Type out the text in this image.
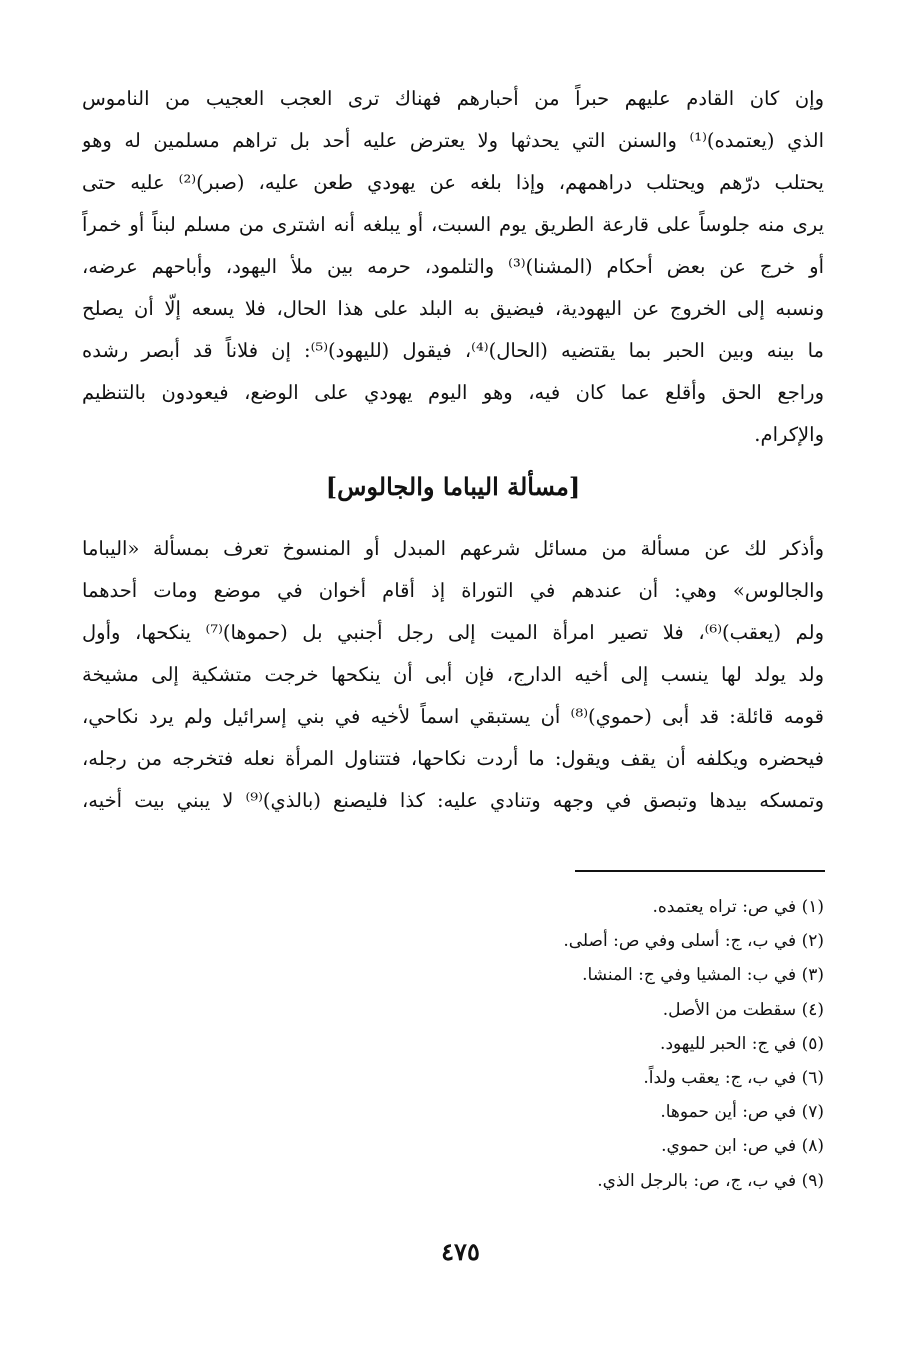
وإن كان القادم عليهم حبراً من أحبارهم فهناك ترى العجب العجيب من الناموس
الذي (يعتمده)⁽¹⁾ والسنن التي يحدثها ولا يعترض عليه أحد بل تراهم مسلمين له وهو
يحتلب درّهم ويحتلب دراهمهم، وإذا بلغه عن يهودي طعن عليه، (صبر)⁽²⁾ عليه حتى
يرى منه جلوساً على قارعة الطريق يوم السبت، أو يبلغه أنه اشترى من مسلم لبناً أو خمراً
أو خرج عن بعض أحكام (المشنا)⁽³⁾ والتلمود، حرمه بين ملأ اليهود، وأباحهم عرضه،
ونسبه إلى الخروج عن اليهودية، فيضيق به البلد على هذا الحال، فلا يسعه إلّا أن يصلح
ما بينه وبين الحبر بما يقتضيه (الحال)⁽⁴⁾، فيقول (لليهود)⁽⁵⁾: إن فلاناً قد أبصر رشده
وراجع الحق وأقلع عما كان فيه، وهو اليوم يهودي على الوضع، فيعودون بالتنظيم
والإكرام.
[مسألة اليباما والجالوس]
وأذكر لك عن مسألة من مسائل شرعهم المبدل أو المنسوخ تعرف بمسألة «اليباما
والجالوس» وهي: أن عندهم في التوراة إذ أقام أخوان في موضع ومات أحدهما
ولم (يعقب)⁽⁶⁾، فلا تصير امرأة الميت إلى رجل أجنبي بل (حموها)⁽⁷⁾ ينكحها، وأول
ولد يولد لها ينسب إلى أخيه الدارج، فإن أبى أن ينكحها خرجت متشكية إلى مشيخة
قومه قائلة: قد أبى (حموي)⁽⁸⁾ أن يستبقي اسماً لأخيه في بني إسرائيل ولم يرد نكاحي،
فيحضره ويكلفه أن يقف ويقول: ما أردت نكاحها، فتتناول المرأة نعله فتخرجه من رجله،
وتمسكه بيدها وتبصق في وجهه وتنادي عليه: كذا فليصنع (بالذي)⁽⁹⁾ لا يبني بيت أخيه،
(١) في ص: تراه يعتمده.
(٢) في ب، ج: أسلى وفي ص: أصلى.
(٣) في ب: المشيا وفي ج: المنشا.
(٤) سقطت من الأصل.
(٥) في ج: الحبر لليهود.
(٦) في ب، ج: يعقب ولداً.
(٧) في ص: أين حموها.
(٨) في ص: ابن حموي.
(٩) في ب، ج، ص: بالرجل الذي.
٤٧٥
